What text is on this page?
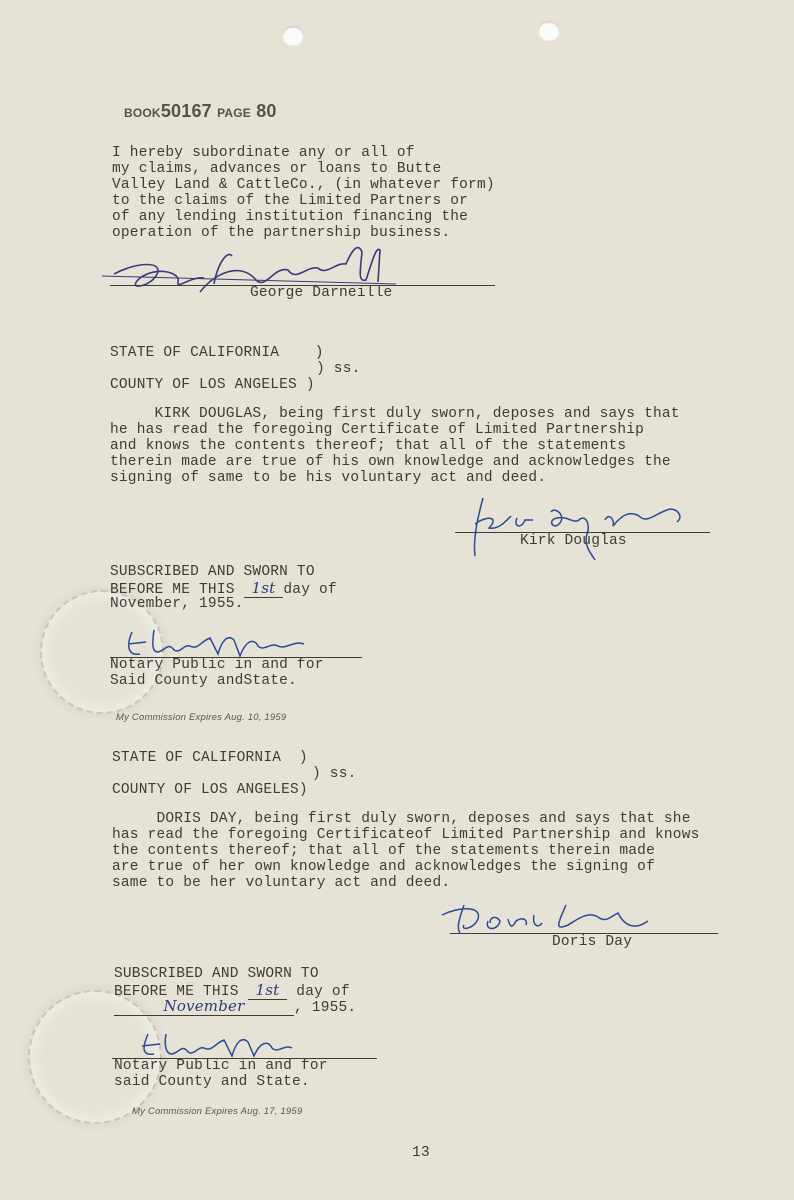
BOOK50167 PAGE 80
I hereby subordinate any or all of
my claims, advances or loans to Butte
Valley Land & CattleCo., (in whatever form)
to the claims of the Limited Partners or
of any lending institution financing the
operation of the partnership business.
George Darneille
STATE OF CALIFORNIA    )
) ss.
COUNTY OF LOS ANGELES )
KIRK DOUGLAS, being first duly sworn, deposes and says that
he has read the foregoing Certificate of Limited Partnership
and knows the contents thereof; that all of the statements
therein made are true of his own knowledge and acknowledges the
signing of same to be his voluntary act and deed.
Kirk Douglas
SUBSCRIBED AND SWORN TO
BEFORE ME THIS 1st day of
November, 1955.
Notary Public in and for
Said County andState.
My Commission Expires Aug. 10, 1959
STATE OF CALIFORNIA  )
) ss.
COUNTY OF LOS ANGELES)
DORIS DAY, being first duly sworn, deposes and says that she
has read the foregoing Certificateof Limited Partnership and knows
the contents thereof; that all of the statements therein made
are true of her own knowledge and acknowledges the signing of
same to be her voluntary act and deed.
Doris Day
SUBSCRIBED AND SWORN TO
BEFORE ME THIS 1st day of
November	, 1955.
Notary Public in and for
said County and State.
My Commission Expires Aug. 17, 1959
13
